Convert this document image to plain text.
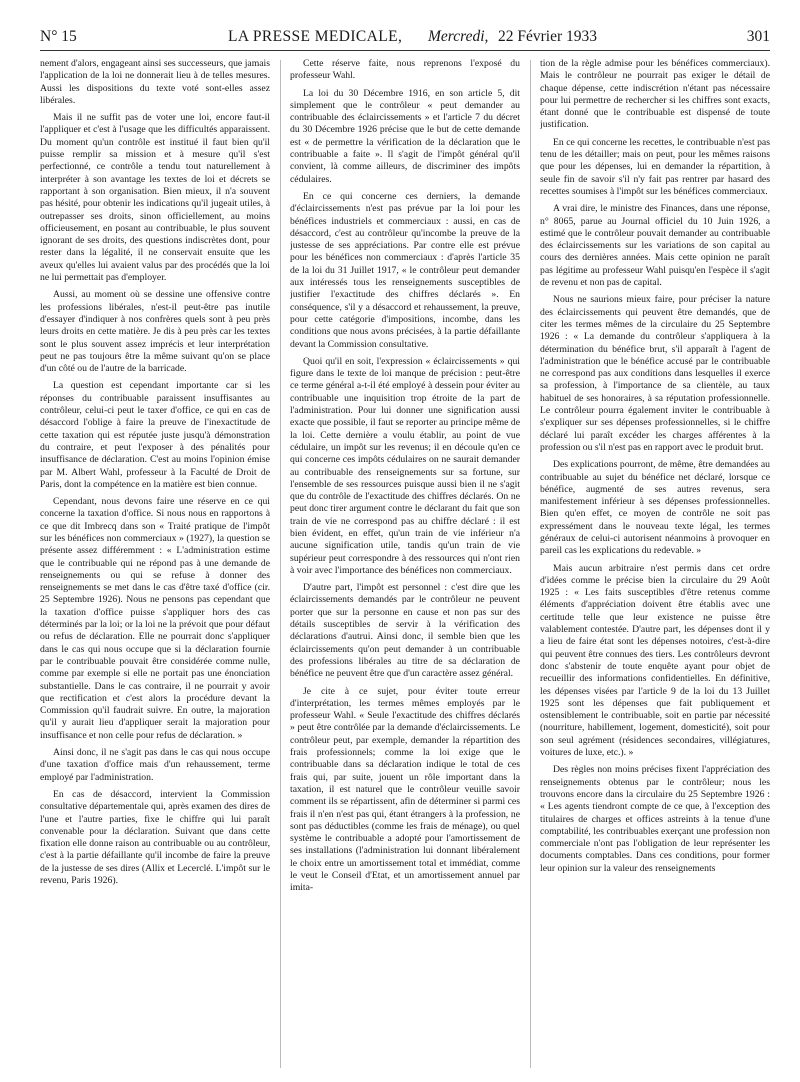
N° 15	LA PRESSE MEDICALE, Mercredi, 22 Février 1933	301

nement d'alors, engageant ainsi ses successeurs, que jamais l'application de la loi ne donnerait lieu à de telles mesures. Aussi les dispositions du texte voté sont-elles assez libérales.

Mais il ne suffit pas de voter une loi, encore faut-il l'appliquer et c'est à l'usage que les difficultés apparaissent. Du moment qu'un contrôle est institué il faut bien qu'il puisse remplir sa mission et à mesure qu'il s'est perfectionné, ce contrôle a tendu tout naturellement à interpréter à son avantage les textes de loi et décrets se rapportant à son organisation. Bien mieux, il n'a souvent pas hésité, pour obtenir les indications qu'il jugeait utiles, à outrepasser ses droits, sinon officiellement, au moins officieusement, en posant au contribuable, le plus souvent ignorant de ses droits, des questions indiscrètes dont, pour rester dans la légalité, il ne conservait ensuite que les aveux qu'elles lui avaient valus par des procédés que la loi ne lui permettait pas d'employer.

Aussi, au moment où se dessine une offensive contre les professions libérales, n'est-il peut-être pas inutile d'essayer d'indiquer à nos confrères quels sont à peu près leurs droits en cette matière. Je dis à peu près car les textes sont le plus souvent assez imprécis et leur interprétation peut ne pas toujours être la même suivant qu'on se place d'un côté ou de l'autre de la barricade.

La question est cependant importante car si les réponses du contribuable paraissent insuffisantes au contrôleur, celui-ci peut le taxer d'office, ce qui en cas de désaccord l'oblige à faire la preuve de l'inexactitude de cette taxation qui est réputée juste jusqu'à démonstration du contraire, et peut l'exposer à des pénalités pour insuffisance de déclaration. C'est au moins l'opinion émise par M. Albert Wahl, professeur à la Faculté de Droit de Paris, dont la compétence en la matière est bien connue.

Cependant, nous devons faire une réserve en ce qui concerne la taxation d'office. Si nous nous en rapportons à ce que dit Imbrecq dans son « Traité pratique de l'impôt sur les bénéfices non commerciaux » (1927), la question se présente assez différemment : « L'administration estime que le contribuable qui ne répond pas à une demande de renseignements ou qui se refuse à donner des renseignements se met dans le cas d'être taxé d'office (cir. 25 Septembre 1926). Nous ne pensons pas cependant que la taxation d'office puisse s'appliquer hors des cas déterminés par la loi; or la loi ne la prévoit que pour défaut ou refus de déclaration. Elle ne pourrait donc s'appliquer dans le cas qui nous occupe que si la déclaration fournie par le contribuable pouvait être considérée comme nulle, comme par exemple si elle ne portait pas une énonciation substantielle. Dans le cas contraire, il ne pourrait y avoir que rectification et c'est alors la procédure devant la Commission qu'il faudrait suivre. En outre, la majoration qu'il y aurait lieu d'appliquer serait la majoration pour insuffisance et non celle pour refus de déclaration. »

Ainsi donc, il ne s'agit pas dans le cas qui nous occupe d'une taxation d'office mais d'un rehaussement, terme employé par l'administration.

En cas de désaccord, intervient la Commission consultative départementale qui, après examen des dires de l'une et l'autre parties, fixe le chiffre qui lui paraît convenable pour la déclaration. Suivant que dans cette fixation elle donne raison au contribuable ou au contrôleur, c'est à la partie défaillante qu'il incombe de faire la preuve de la justesse de ses dires (Allix et Lecerclé. L'impôt sur le revenu, Paris 1926).

Cette réserve faite, nous reprenons l'exposé du professeur Wahl.

La loi du 30 Décembre 1916, en son article 5, dit simplement que le contrôleur « peut demander au contribuable des éclaircissements » et l'article 7 du décret du 30 Décembre 1926 précise que le but de cette demande est « de permettre la vérification de la déclaration que le contribuable a faite ». Il s'agit de l'impôt général qu'il convient, là comme ailleurs, de discriminer des impôts cédulaires.

En ce qui concerne ces derniers, la demande d'éclaircissements n'est pas prévue par la loi pour les bénéfices industriels et commerciaux : aussi, en cas de désaccord, c'est au contrôleur qu'incombe la preuve de la justesse de ses appréciations. Par contre elle est prévue pour les bénéfices non commerciaux : d'après l'article 35 de la loi du 31 Juillet 1917, « le contrôleur peut demander aux intéressés tous les renseignements susceptibles de justifier l'exactitude des chiffres déclarés ». En conséquence, s'il y a désaccord et rehaussement, la preuve, pour cette catégorie d'impositions, incombe, dans les conditions que nous avons précisées, à la partie défaillante devant la Commission consultative.

Quoi qu'il en soit, l'expression « éclaircissements » qui figure dans le texte de loi manque de précision : peut-être ce terme général a-t-il été employé à dessein pour éviter au contribuable une inquisition trop étroite de la part de l'administration. Pour lui donner une signification aussi exacte que possible, il faut se reporter au principe même de la loi. Cette dernière a voulu établir, au point de vue cédulaire, un impôt sur les revenus; il en découle qu'en ce qui concerne ces impôts cédulaires on ne saurait demander au contribuable des renseignements sur sa fortune, sur l'ensemble de ses ressources puisque aussi bien il ne s'agit que du contrôle de l'exactitude des chiffres déclarés. On ne peut donc tirer argument contre le déclarant du fait que son train de vie ne correspond pas au chiffre déclaré : il est bien évident, en effet, qu'un train de vie inférieur n'a aucune signification utile, tandis qu'un train de vie supérieur peut correspondre à des ressources qui n'ont rien à voir avec l'importance des bénéfices non commerciaux.

D'autre part, l'impôt est personnel : c'est dire que les éclaircissements demandés par le contrôleur ne peuvent porter que sur la personne en cause et non pas sur des détails susceptibles de servir à la vérification des déclarations d'autrui. Ainsi donc, il semble bien que les éclaircissements qu'on peut demander à un contribuable des professions libérales au titre de sa déclaration de bénéfice ne peuvent être que d'un caractère assez général.

Je cite à ce sujet, pour éviter toute erreur d'interprétation, les termes mêmes employés par le professeur Wahl. « Seule l'exactitude des chiffres déclarés » peut être contrôlée par la demande d'éclaircissements. Le contrôleur peut, par exemple, demander la répartition des frais professionnels; comme la loi exige que le contribuable dans sa déclaration indique le total de ces frais qui, par suite, jouent un rôle important dans la taxation, il est naturel que le contrôleur veuille savoir comment ils se répartissent, afin de déterminer si parmi ces frais il n'en n'est pas qui, étant étrangers à la profession, ne sont pas déductibles (comme les frais de ménage), ou quel système le contribuable a adopté pour l'amortissement de ses installations (l'administration lui donnant libéralement le choix entre un amortissement total et immédiat, comme le veut le Conseil d'Etat, et un amortissement annuel par imita-

tion de la règle admise pour les bénéfices commerciaux). Mais le contrôleur ne pourrait pas exiger le détail de chaque dépense, cette indiscrétion n'étant pas nécessaire pour lui permettre de rechercher si les chiffres sont exacts, étant donné que le contribuable est dispensé de toute justification.

En ce qui concerne les recettes, le contribuable n'est pas tenu de les détailler; mais on peut, pour les mêmes raisons que pour les dépenses, lui en demander la répartition, à seule fin de savoir s'il n'y fait pas rentrer par hasard des recettes soumises à l'impôt sur les bénéfices commerciaux.

A vrai dire, le ministre des Finances, dans une réponse, n° 8065, parue au Journal officiel du 10 Juin 1926, a estimé que le contrôleur pouvait demander au contribuable des éclaircissements sur les variations de son capital au cours des dernières années. Mais cette opinion ne paraît pas légitime au professeur Wahl puisqu'en l'espèce il s'agit de revenu et non pas de capital.

Nous ne saurions mieux faire, pour préciser la nature des éclaircissements qui peuvent être demandés, que de citer les termes mêmes de la circulaire du 25 Septembre 1926 : « La demande du contrôleur s'appliquera à la détermination du bénéfice brut, s'il apparaît à l'agent de l'administration que le bénéfice accusé par le contribuable ne correspond pas aux conditions dans lesquelles il exerce sa profession, à l'importance de sa clientèle, au taux habituel de ses honoraires, à sa réputation professionnelle. Le contrôleur pourra également inviter le contribuable à s'expliquer sur ses dépenses professionnelles, si le chiffre déclaré lui paraît excéder les charges afférentes à la profession ou s'il n'est pas en rapport avec le produit brut.

Des explications pourront, de même, être demandées au contribuable au sujet du bénéfice net déclaré, lorsque ce bénéfice, augmenté de ses autres revenus, sera manifestement inférieur à ses dépenses professionnelles. Bien qu'en effet, ce moyen de contrôle ne soit pas expressément dans le nouveau texte légal, les termes généraux de celui-ci autorisent néanmoins à provoquer en pareil cas les explications du redevable. »

Mais aucun arbitraire n'est permis dans cet ordre d'idées comme le précise bien la circulaire du 29 Août 1925 : « Les faits susceptibles d'être retenus comme éléments d'appréciation doivent être établis avec une certitude telle que leur existence ne puisse être valablement contestée. D'autre part, les dépenses dont il y a lieu de faire état sont les dépenses notoires, c'est-à-dire qui peuvent être connues des tiers. Les contrôleurs devront donc s'abstenir de toute enquête ayant pour objet de recueillir des informations confidentielles. En définitive, les dépenses visées par l'article 9 de la loi du 13 Juillet 1925 sont les dépenses que fait publiquement et ostensiblement le contribuable, soit en partie par nécessité (nourriture, habillement, logement, domesticité), soit pour son seul agrément (résidences secondaires, villégiatures, voitures de luxe, etc.). »

Des règles non moins précises fixent l'appréciation des renseignements obtenus par le contrôleur; nous les trouvons encore dans la circulaire du 25 Septembre 1926 : « Les agents tiendront compte de ce que, à l'exception des titulaires de charges et offices astreints à la tenue d'une comptabilité, les contribuables exerçant une profession non commerciale n'ont pas l'obligation de leur représenter les documents comptables. Dans ces conditions, pour former leur opinion sur la valeur des renseignements
